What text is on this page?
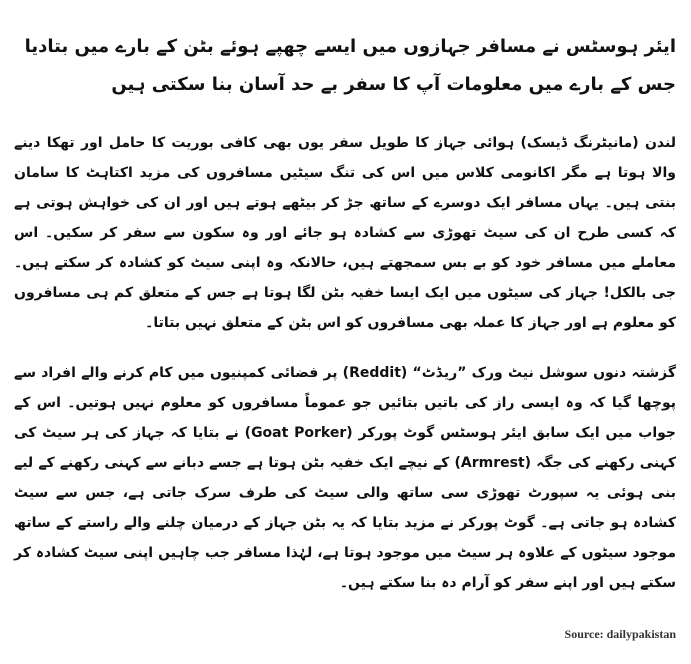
ایئر ہوسٹس نے مسافر جہازوں میں ایسے چھپے ہوئے بٹن کے بارے میں بتادیا جس کے بارے میں معلومات آپ کا سفر بے حد آسان بنا سکتی ہیں

لندن (مانیٹرنگ ڈیسک) ہوائی جہاز کا طویل سفر یوں بھی کافی بوریت کا حامل اور تھکا دینے والا ہوتا ہے مگر اکانومی کلاس میں اس کی تنگ سیٹیں مسافروں کی مزید اکتاہٹ کا سامان بنتی ہیں۔ یہاں مسافر ایک دوسرے کے ساتھ جڑ کر بیٹھے ہوتے ہیں اور ان کی خواہش ہوتی ہے کہ کسی طرح ان کی سیٹ تھوڑی سے کشادہ ہو جائے اور وہ سکون سے سفر کر سکیں۔ اس معاملے میں مسافر خود کو بے بس سمجھتے ہیں، حالانکہ وہ اپنی سیٹ کو کشادہ کر سکتے ہیں۔ جی بالکل! جہاز کی سیٹوں میں ایک ایسا خفیہ بٹن لگا ہوتا ہے جس کے متعلق کم ہی مسافروں کو معلوم ہے اور جہاز کا عملہ بھی مسافروں کو اس بٹن کے متعلق نہیں بتاتا۔

گزشتہ دنوں سوشل نیٹ ورک ”ریڈٹ“ (Reddit) پر فضائی کمپنیوں میں کام کرنے والے افراد سے پوچھا گیا کہ وہ ایسی راز کی باتیں بتائیں جو عموماً مسافروں کو معلوم نہیں ہوتیں۔ اس کے جواب میں ایک سابق ایئر ہوسٹس گوٹ پورکر (Goat Porker) نے بتایا کہ جہاز کی ہر سیٹ کی کہنی رکھنے کی جگہ (Armrest) کے نیچے ایک خفیہ بٹن ہوتا ہے جسے دبانے سے کہنی رکھنے کے لیے بنی ہوئی یہ سپورٹ تھوڑی سی ساتھ والی سیٹ کی طرف سرک جاتی ہے، جس سے سیٹ کشادہ ہو جاتی ہے۔ گوٹ پورکر نے مزید بتایا کہ یہ بٹن جہاز کے درمیان چلنے والے راستے کے ساتھ موجود سیٹوں کے علاوہ ہر سیٹ میں موجود ہوتا ہے، لہٰذا مسافر جب چاہیں اپنی سیٹ کشادہ کر سکتے ہیں اور اپنے سفر کو آرام دہ بنا سکتے ہیں۔

Source: dailypakistan
